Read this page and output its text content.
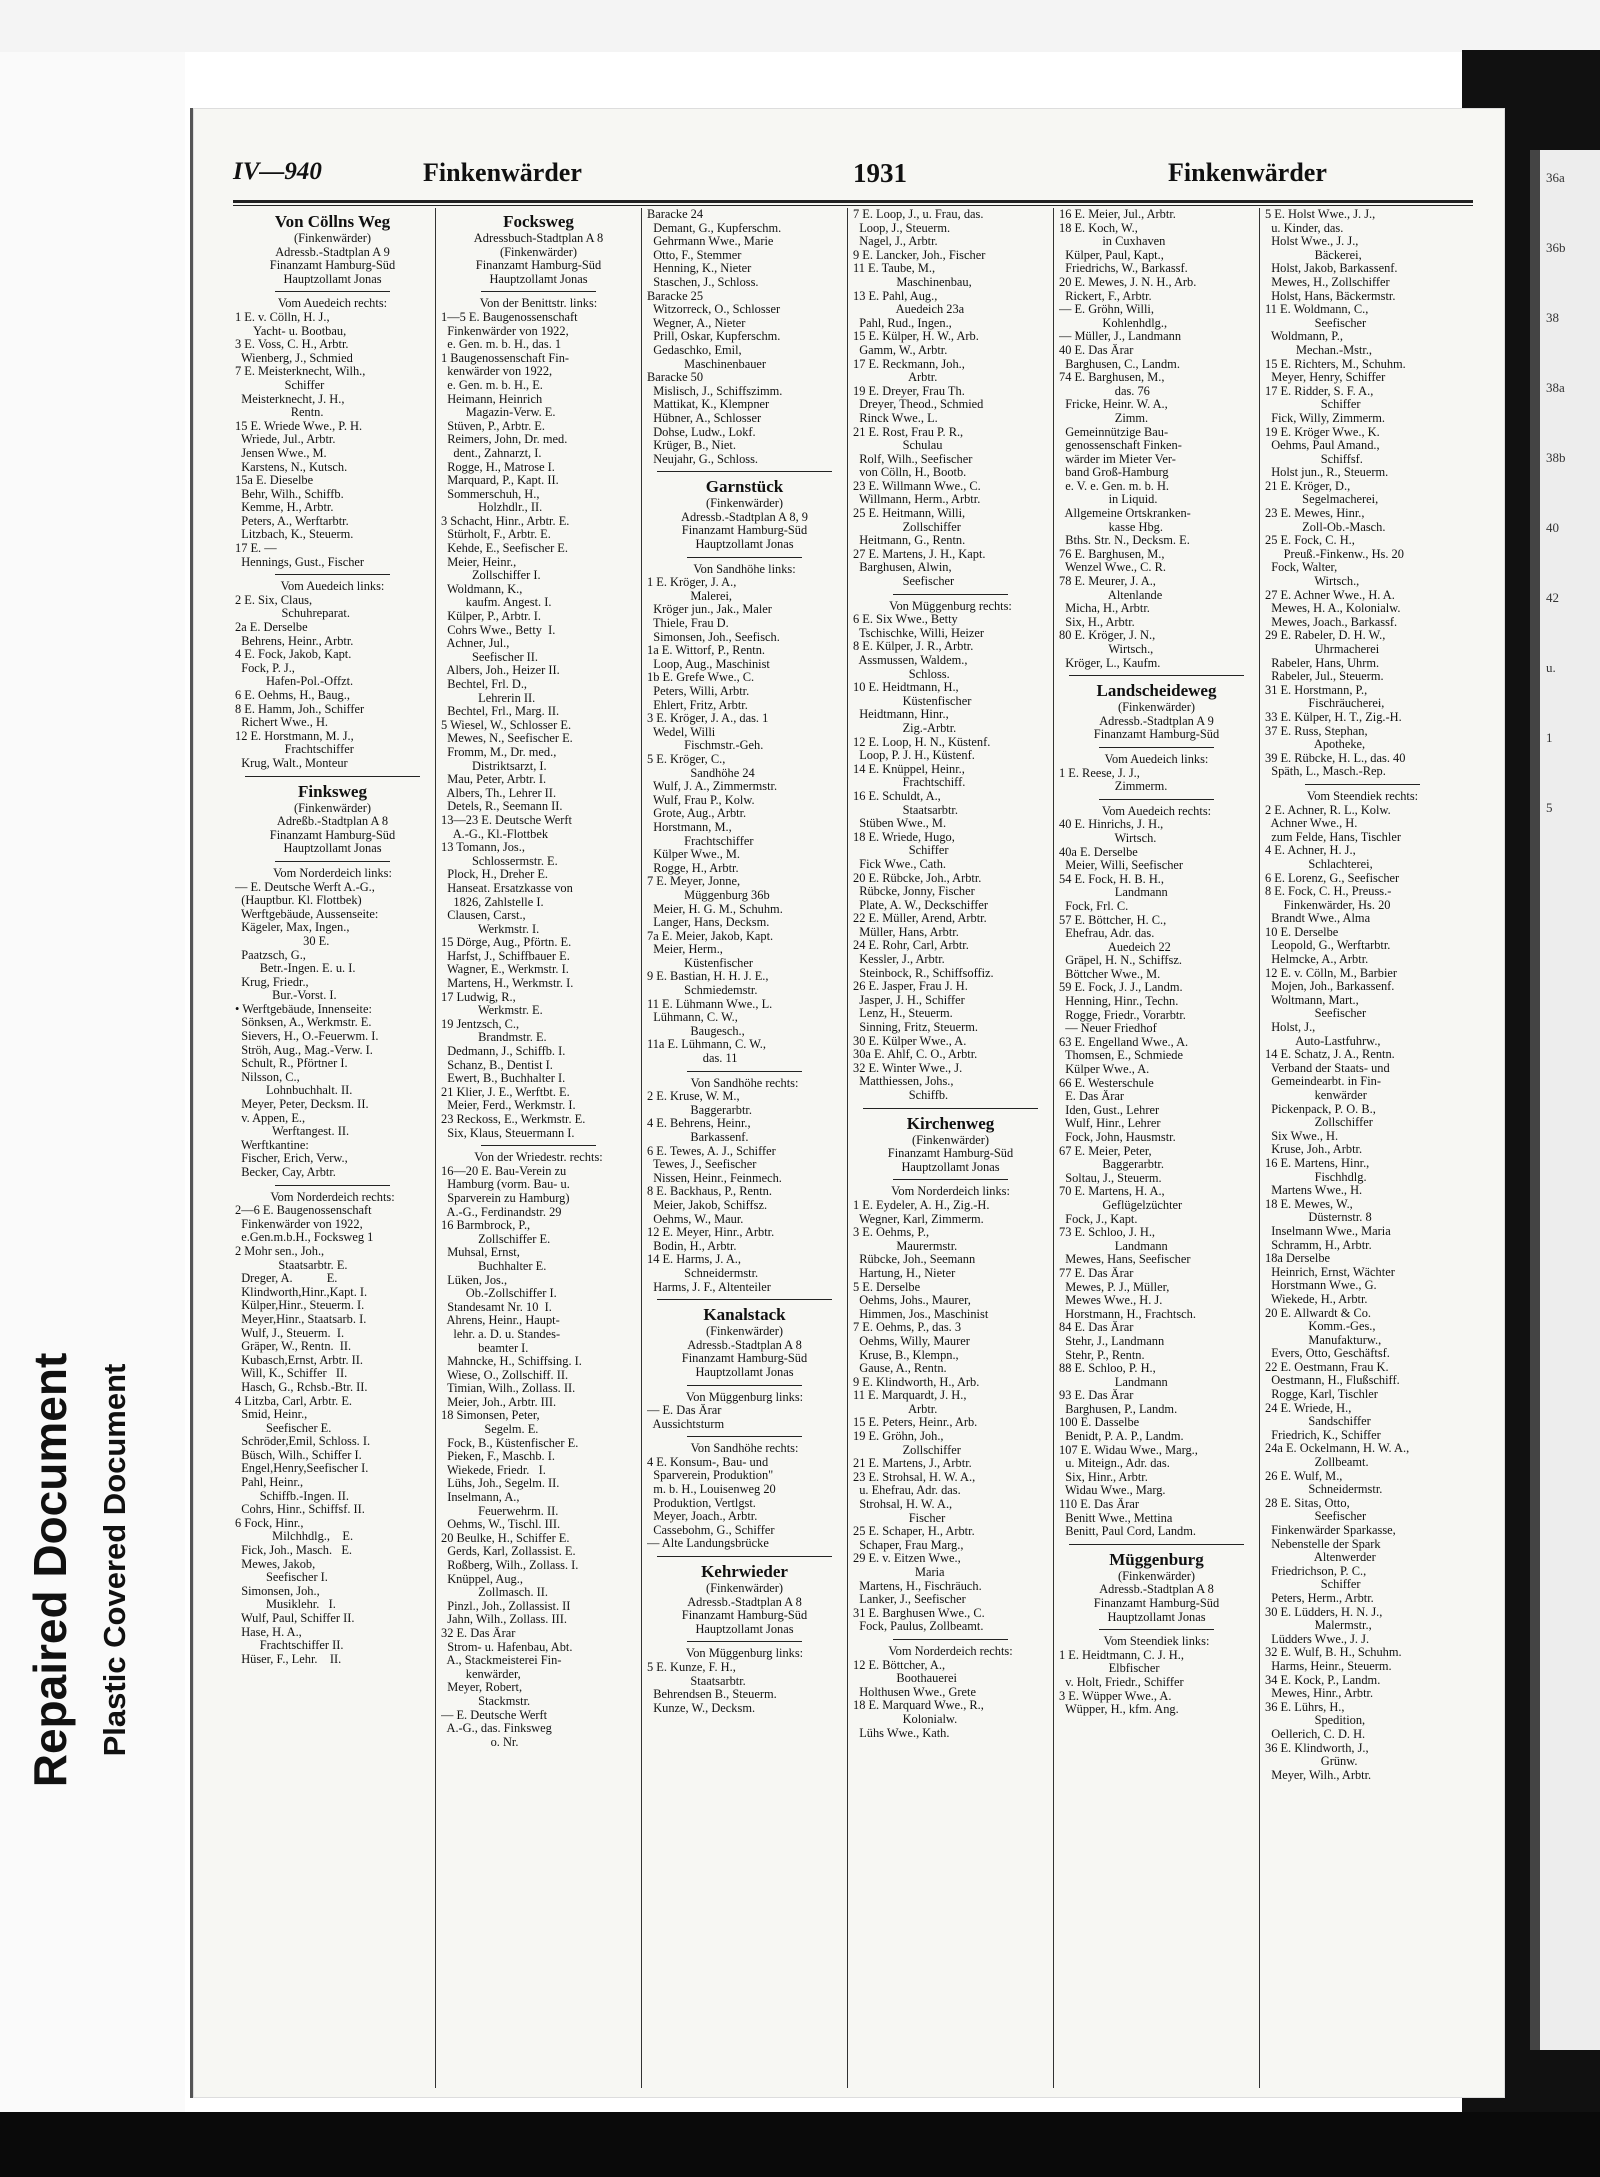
36a
36b
38
38a
38b
40
42
u.
1
5
Repaired Document Plastic Covered Document
IV—940	Finkenwärder	1931	Finkenwärder
Von Cöllns Weg
(Finkenwärder)
Adressb.-Stadtplan A 9
Finanzamt Hamburg-Süd
Hauptzollamt Jonas
Vom Auedeich rechts:
1 E. v. Cölln, H. J.,
Yacht- u. Bootbau,
3 E. Voss, C. H., Arbtr.
Wienberg, J., Schmied
7 E. Meisterknecht, Wilh.,
Schiffer
Meisterknecht, J. H.,
Rentn.
15 E. Wriede Wwe., P. H.
Wriede, Jul., Arbtr.
Jensen Wwe., M.
Karstens, N., Kutsch.
15a E. Dieselbe
Behr, Wilh., Schiffb.
Kemme, H., Arbtr.
Peters, A., Werftarbtr.
Litzbach, K., Steuerm.
17 E. —
Hennings, Gust., Fischer
Vom Auedeich links:
2 E. Six, Claus,
Schuhreparat.
2a E. Derselbe
Behrens, Heinr., Arbtr.
4 E. Fock, Jakob, Kapt.
Fock, P. J.,
Hafen-Pol.-Offzt.
6 E. Oehms, H., Baug.,
8 E. Hamm, Joh., Schiffer
Richert Wwe., H.
12 E. Horstmann, M. J.,
Frachtschiffer
Krug, Walt., Monteur
Finksweg
(Finkenwärder)
Adreßb.-Stadtplan A 8
Finanzamt Hamburg-Süd
Hauptzollamt Jonas
Vom Norderdeich links:
— E. Deutsche Werft A.-G.,
(Hauptbur. Kl. Flottbek)
Werftgebäude, Aussenseite:
Kägeler, Max, Ingen.,
30 E.
Paatzsch, G.,
Betr.-Ingen. E. u. I.
Krug, Friedr.,
Bur.-Vorst. I.
• Werftgebäude, Innenseite:
Sönksen, A., Werkmstr. E.
Sievers, H., O.-Feuerwm. I.
Ströh, Aug., Mag.-Verw. I.
Schult, R., Pförtner I.
Nilsson, C.,
Lohnbuchhalt. II.
Meyer, Peter, Decksm. II.
v. Appen, E.,
Werftangest. II.
Werftkantine:
Fischer, Erich, Verw.,
Becker, Cay, Arbtr.
Vom Norderdeich rechts:
2—6 E. Baugenossenschaft
Finkenwärder von 1922,
e.Gen.m.b.H., Focksweg 1
2 Mohr sen., Joh.,
Staatsarbtr. E.
Dreger, A.           E.
Klindworth,Hinr.,Kapt. I.
Külper,Hinr., Steuerm. I.
Meyer,Hinr., Staatsarb. I.
Wulf, J., Steuerm.  I.
Gräper, W., Rentn.  II.
Kubasch,Ernst, Arbtr. II.
Will, K., Schiffer   II.
Hasch, G., Rchsb.-Btr. II.
4 Litzba, Carl, Arbtr. E.
Smid, Heinr.,
Seefischer E.
Schröder,Emil, Schloss. I.
Büsch, Wilh., Schiffer I.
Engel,Henry,Seefischer I.
Pahl, Heinr.,
Schiffb.-Ingen. II.
Cohrs, Hinr., Schiffsf. II.
6 Fock, Hinr.,
Milchhdlg.,    E.
Fick, Joh., Masch.   E.
Mewes, Jakob,
Seefischer I.
Simonsen, Joh.,
Musiklehr.   I.
Wulf, Paul, Schiffer II.
Hase, H. A.,
Frachtschiffer II.
Hüser, F., Lehr.    II.
Focksweg
Adressbuch-Stadtplan A 8
(Finkenwärder)
Finanzamt Hamburg-Süd
Hauptzollamt Jonas
Von der Benittstr. links:
1—5 E. Baugenossenschaft
Finkenwärder von 1922,
e. Gen. m. b. H., das. 1
1 Baugenossenschaft Fin-
kenwärder von 1922,
e. Gen. m. b. H., E.
Heimann, Heinrich
Magazin-Verw. E.
Stüven, P., Arbtr. E.
Reimers, John, Dr. med.
dent., Zahnarzt, I.
Rogge, H., Matrose I.
Marquard, P., Kapt. II.
Sommerschuh, H.,
Holzhdlr., II.
3 Schacht, Hinr., Arbtr. E.
Stürholt, F., Arbtr. E.
Kehde, E., Seefischer E.
Meier, Heinr.,
Zollschiffer I.
Woldmann, K.,
kaufm. Angest. I.
Külper, P., Arbtr. I.
Cohrs Wwe., Betty  I.
Achner, Jul.,
Seefischer II.
Albers, Joh., Heizer II.
Bechtel, Frl. D.,
Lehrerin II.
Bechtel, Frl., Marg. II.
5 Wiesel, W., Schlosser E.
Mewes, N., Seefischer E.
Fromm, M., Dr. med.,
Distriktsarzt, I.
Mau, Peter, Arbtr. I.
Albers, Th., Lehrer II.
Detels, R., Seemann II.
13—23 E. Deutsche Werft
A.-G., Kl.-Flottbek
13 Tomann, Jos.,
Schlossermstr. E.
Plock, H., Dreher E.
Hanseat. Ersatzkasse von
1826, Zahlstelle I.
Clausen, Carst.,
Werkmstr. I.
15 Dörge, Aug., Pförtn. E.
Harfst, J., Schiffbauer E.
Wagner, E., Werkmstr. I.
Martens, H., Werkmstr. I.
17 Ludwig, R.,
Werkmstr. E.
19 Jentzsch, C.,
Brandmstr. E.
Dedmann, J., Schiffb. I.
Schanz, B., Dentist I.
Ewert, B., Buchhalter I.
21 Klier, J. E., Werftbt. E.
Meier, Ferd., Werkmstr. I.
23 Reckoss, E., Werkmstr. E.
Six, Klaus, Steuermann I.
Von der Wriedestr. rechts:
16—20 E. Bau-Verein zu
Hamburg (vorm. Bau- u.
Sparverein zu Hamburg)
A.-G., Ferdinandstr. 29
16 Barmbrock, P.,
Zollschiffer E.
Muhsal, Ernst,
Buchhalter E.
Lüken, Jos.,
Ob.-Zollschiffer I.
Standesamt Nr. 10  I.
Ahrens, Heinr., Haupt-
lehr. a. D. u. Standes-
beamter I.
Mahncke, H., Schiffsing. I.
Wiese, O., Zollschiff. II.
Timian, Wilh., Zollass. II.
Meier, Joh., Arbtr. III.
18 Simonsen, Peter,
Segelm. E.
Fock, B., Küstenfischer E.
Pieken, F., Maschb. I.
Wiekede, Friedr.   I.
Lühs, Joh., Segelm. II.
Inselmann, A.,
Feuerwehrm. II.
Oehms, W., Tischl. III.
20 Beulke, H., Schiffer E.
Gerds, Karl, Zollassist. E.
Roßberg, Wilh., Zollass. I.
Knüppel, Aug.,
Zollmasch. II.
Pinzl., Joh., Zollassist. II
Jahn, Wilh., Zollass. III.
32 E. Das Ärar
Strom- u. Hafenbau, Abt.
A., Stackmeisterei Fin-
kenwärder,
Meyer, Robert,
Stackmstr.
— E. Deutsche Werft
A.-G., das. Finksweg
o. Nr.
Baracke 24
Demant, G., Kupferschm.
Gehrmann Wwe., Marie
Otto, F., Stemmer
Henning, K., Nieter
Staschen, J., Schloss.
Baracke 25
Witzorreck, O., Schlosser
Wegner, A., Nieter
Prill, Oskar, Kupferschm.
Gedaschko, Emil,
Maschinenbauer
Baracke 50
Mislisch, J., Schiffszimm.
Mattikat, K., Klempner
Hübner, A., Schlosser
Dohse, Ludw., Lokf.
Krüger, B., Niet.
Neujahr, G., Schloss.
Garnstück
(Finkenwärder)
Adressb.-Stadtplan A 8, 9
Finanzamt Hamburg-Süd
Hauptzollamt Jonas
Von Sandhöhe links:
1 E. Kröger, J. A.,
Malerei,
Kröger jun., Jak., Maler
Thiele, Frau D.
Simonsen, Joh., Seefisch.
1a E. Wittorf, P., Rentn.
Loop, Aug., Maschinist
1b E. Grefe Wwe., C.
Peters, Willi, Arbtr.
Ehlert, Fritz, Arbtr.
3 E. Kröger, J. A., das. 1
Wedel, Willi
Fischmstr.-Geh.
5 E. Kröger, C.,
Sandhöhe 24
Wulf, J. A., Zimmermstr.
Wulf, Frau P., Kolw.
Grote, Aug., Arbtr.
Horstmann, M.,
Frachtschiffer
Külper Wwe., M.
Rogge, H., Arbtr.
7 E. Meyer, Jonne,
Müggenburg 36b
Meier, H. G. M., Schuhm.
Langer, Hans, Decksm.
7a E. Meier, Jakob, Kapt.
Meier, Herm.,
Küstenfischer
9 E. Bastian, H. H. J. E.,
Schmiedemstr.
11 E. Lühmann Wwe., L.
Lühmann, C. W.,
Baugesch.,
11a E. Lühmann, C. W.,
das. 11
Von Sandhöhe rechts:
2 E. Kruse, W. M.,
Baggerarbtr.
4 E. Behrens, Heinr.,
Barkassenf.
6 E. Tewes, A. J., Schiffer
Tewes, J., Seefischer
Nissen, Heinr., Feinmech.
8 E. Backhaus, P., Rentn.
Meier, Jakob, Schiffsz.
Oehms, W., Maur.
12 E. Meyer, Hinr., Arbtr.
Bodin, H., Arbtr.
14 E. Harms, J. A.,
Schneidermstr.
Harms, J. F., Altenteiler
Kanalstack
(Finkenwärder)
Adressb.-Stadtplan A 8
Finanzamt Hamburg-Süd
Hauptzollamt Jonas
Von Müggenburg links:
— E. Das Ärar
Aussichtsturm
Von Sandhöhe rechts:
4 E. Konsum-, Bau- und
Sparverein, Produktion"
m. b. H., Louisenweg 20
Produktion, Vertlgst.
Meyer, Joach., Arbtr.
Cassebohm, G., Schiffer
— Alte Landungsbrücke
Kehrwieder
(Finkenwärder)
Adressb.-Stadtplan A 8
Finanzamt Hamburg-Süd
Hauptzollamt Jonas
Von Müggenburg links:
5 E. Kunze, F. H.,
Staatsarbtr.
Behrendsen B., Steuerm.
Kunze, W., Decksm.
7 E. Loop, J., u. Frau, das.
Loop, J., Steuerm.
Nagel, J., Arbtr.
9 E. Lancker, Joh., Fischer
11 E. Taube, M.,
Maschinenbau,
13 E. Pahl, Aug.,
Auedeich 23a
Pahl, Rud., Ingen.,
15 E. Külper, H. W., Arb.
Gamm, W., Arbtr.
17 E. Reckmann, Joh.,
Arbtr.
19 E. Dreyer, Frau Th.
Dreyer, Theod., Schmied
Rinck Wwe., L.
21 E. Rost, Frau P. R.,
Schulau
Rolf, Wilh., Seefischer
von Cölln, H., Bootb.
23 E. Willmann Wwe., C.
Willmann, Herm., Arbtr.
25 E. Heitmann, Willi,
Zollschiffer
Heitmann, G., Rentn.
27 E. Martens, J. H., Kapt.
Barghusen, Alwin,
Seefischer
Von Müggenburg rechts:
6 E. Six Wwe., Betty
Tschischke, Willi, Heizer
8 E. Külper, J. R., Arbtr.
Assmussen, Waldem.,
Schloss.
10 E. Heidtmann, H.,
Küstenfischer
Heidtmann, Hinr.,
Zig.-Arbtr.
12 E. Loop, H. N., Küstenf.
Loop, P. J. H., Küstenf.
14 E. Knüppel, Heinr.,
Frachtschiff.
16 E. Schuldt, A.,
Staatsarbtr.
Stüben Wwe., M.
18 E. Wriede, Hugo,
Schiffer
Fick Wwe., Cath.
20 E. Rübcke, Joh., Arbtr.
Rübcke, Jonny, Fischer
Plate, A. W., Deckschiffer
22 E. Müller, Arend, Arbtr.
Müller, Hans, Arbtr.
24 E. Rohr, Carl, Arbtr.
Kessler, J., Arbtr.
Steinbock, R., Schiffsoffiz.
26 E. Jasper, Frau J. H.
Jasper, J. H., Schiffer
Lenz, H., Steuerm.
Sinning, Fritz, Steuerm.
30 E. Külper Wwe., A.
30a E. Ahlf, C. O., Arbtr.
32 E. Winter Wwe., J.
Matthiessen, Johs.,
Schiffb.
Kirchenweg
(Finkenwärder)
Finanzamt Hamburg-Süd
Hauptzollamt Jonas
Vom Norderdeich links:
1 E. Eydeler, A. H., Zig.-H.
Wegner, Karl, Zimmerm.
3 E. Oehms, P.,
Maurermstr.
Rübcke, Joh., Seemann
Hartung, H., Nieter
5 E. Derselbe
Oehms, Johs., Maurer,
Himmen, Jos., Maschinist
7 E. Oehms, P., das. 3
Oehms, Willy, Maurer
Kruse, B., Klempn.,
Gause, A., Rentn.
9 E. Klindworth, H., Arb.
11 E. Marquardt, J. H.,
Arbtr.
15 E. Peters, Heinr., Arb.
19 E. Gröhn, Joh.,
Zollschiffer
21 E. Martens, J., Arbtr.
23 E. Strohsal, H. W. A.,
u. Ehefrau, Adr. das.
Strohsal, H. W. A.,
Fischer
25 E. Schaper, H., Arbtr.
Schaper, Frau Marg.,
29 E. v. Eitzen Wwe.,
Maria
Martens, H., Fischräuch.
Lanker, J., Seefischer
31 E. Barghusen Wwe., C.
Fock, Paulus, Zollbeamt.
Vom Norderdeich rechts:
12 E. Böttcher, A.,
Boothauerei
Holthusen Wwe., Grete
18 E. Marquard Wwe., R.,
Kolonialw.
Lühs Wwe., Kath.
16 E. Meier, Jul., Arbtr.
18 E. Koch, W.,
in Cuxhaven
Külper, Paul, Kapt.,
Friedrichs, W., Barkassf.
20 E. Mewes, J. N. H., Arb.
Rickert, F., Arbtr.
— E. Gröhn, Willi,
Kohlenhdlg.,
— Müller, J., Landmann
40 E. Das Ärar
Barghusen, C., Landm.
74 E. Barghusen, M.,
das. 76
Fricke, Heinr. W. A.,
Zimm.
Gemeinnützige Bau-
genossenschaft Finken-
wärder im Mieter Ver-
band Groß-Hamburg
e. V. e. Gen. m. b. H.
in Liquid.
Allgemeine Ortskranken-
kasse Hbg.
Bths. Str. N., Decksm. E.
76 E. Barghusen, M.,
Wenzel Wwe., C. R.
78 E. Meurer, J. A.,
Altenlande
Micha, H., Arbtr.
Six, H., Arbtr.
80 E. Kröger, J. N.,
Wirtsch.,
Kröger, L., Kaufm.
Landscheideweg
(Finkenwärder)
Adressb.-Stadtplan A 9
Finanzamt Hamburg-Süd
Vom Auedeich links:
1 E. Reese, J. J.,
Zimmerm.
Vom Auedeich rechts:
40 E. Hinrichs, J. H.,
Wirtsch.
40a E. Derselbe
Meier, Willi, Seefischer
54 E. Fock, H. B. H.,
Landmann
Fock, Frl. C.
57 E. Böttcher, H. C.,
Ehefrau, Adr. das.
Auedeich 22
Gräpel, H. N., Schiffsz.
Böttcher Wwe., M.
59 E. Fock, J. J., Landm.
Henning, Hinr., Techn.
Rogge, Friedr., Vorarbtr.
— Neuer Friedhof
63 E. Engelland Wwe., A.
Thomsen, E., Schmiede
Külper Wwe., A.
66 E. Westerschule
E. Das Ärar
Iden, Gust., Lehrer
Wulf, Hinr., Lehrer
Fock, John, Hausmstr.
67 E. Meier, Peter,
Baggerarbtr.
Soltau, J., Steuerm.
70 E. Martens, H. A.,
Geflügelzüchter
Fock, J., Kapt.
73 E. Schloo, J. H.,
Landmann
Mewes, Hans, Seefischer
77 E. Das Ärar
Mewes, P. J., Müller,
Mewes Wwe., H. J.
Horstmann, H., Frachtsch.
84 E. Das Ärar
Stehr, J., Landmann
Stehr, P., Rentn.
88 E. Schloo, P. H.,
Landmann
93 E. Das Ärar
Barghusen, P., Landm.
100 E. Dasselbe
Benidt, P. A. P., Landm.
107 E. Widau Wwe., Marg.,
u. Miteign., Adr. das.
Six, Hinr., Arbtr.
Widau Wwe., Marg.
110 E. Das Ärar
Benitt Wwe., Mettina
Benitt, Paul Cord, Landm.
Müggenburg
(Finkenwärder)
Adressb.-Stadtplan A 8
Finanzamt Hamburg-Süd
Hauptzollamt Jonas
Vom Steendiek links:
1 E. Heidtmann, C. J. H.,
Elbfischer
v. Holt, Friedr., Schiffer
3 E. Wüpper Wwe., A.
Wüpper, H., kfm. Ang.
5 E. Holst Wwe., J. J.,
u. Kinder, das.
Holst Wwe., J. J.,
Bäckerei,
Holst, Jakob, Barkassenf.
Mewes, H., Zollschiffer
Holst, Hans, Bäckermstr.
11 E. Woldmann, C.,
Seefischer
Woldmann, P.,
Mechan.-Mstr.,
15 E. Richters, M., Schuhm.
Meyer, Henry, Schiffer
17 E. Ridder, S. F. A.,
Schiffer
Fick, Willy, Zimmerm.
19 E. Kröger Wwe., K.
Oehms, Paul Amand.,
Schiffsf.
Holst jun., R., Steuerm.
21 E. Kröger, D.,
Segelmacherei,
23 E. Mewes, Hinr.,
Zoll-Ob.-Masch.
25 E. Fock, C. H.,
Preuß.-Finkenw., Hs. 20
Fock, Walter,
Wirtsch.,
27 E. Achner Wwe., H. A.
Mewes, H. A., Kolonialw.
Mewes, Joach., Barkassf.
29 E. Rabeler, D. H. W.,
Uhrmacherei
Rabeler, Hans, Uhrm.
Rabeler, Jul., Steuerm.
31 E. Horstmann, P.,
Fischräucherei,
33 E. Külper, H. T., Zig.-H.
37 E. Russ, Stephan,
Apotheke,
39 E. Rübcke, H. L., das. 40
Späth, L., Masch.-Rep.
Vom Steendiek rechts:
2 E. Achner, R. L., Kolw.
Achner Wwe., H.
zum Felde, Hans, Tischler
4 E. Achner, H. J.,
Schlachterei,
6 E. Lorenz, G., Seefischer
8 E. Fock, C. H., Preuss.-
Finkenwärder, Hs. 20
Brandt Wwe., Alma
10 E. Derselbe
Leopold, G., Werftarbtr.
Helmcke, A., Arbtr.
12 E. v. Cölln, M., Barbier
Mojen, Joh., Barkassenf.
Woltmann, Mart.,
Seefischer
Holst, J.,
Auto-Lastfuhrw.,
14 E. Schatz, J. A., Rentn.
Verband der Staats- und
Gemeindearbt. in Fin-
kenwärder
Pickenpack, P. O. B.,
Zollschiffer
Six Wwe., H.
Kruse, Joh., Arbtr.
16 E. Martens, Hinr.,
Fischhdlg.
Martens Wwe., H.
18 E. Mewes, W.,
Düsternstr. 8
Inselmann Wwe., Maria
Schramm, H., Arbtr.
18a Derselbe
Heinrich, Ernst, Wächter
Horstmann Wwe., G.
Wiekede, H., Arbtr.
20 E. Allwardt & Co.
Komm.-Ges.,
Manufakturw.,
Evers, Otto, Geschäftsf.
22 E. Oestmann, Frau K.
Oestmann, H., Flußschiff.
Rogge, Karl, Tischler
24 E. Wriede, H.,
Sandschiffer
Friedrich, K., Schiffer
24a E. Ockelmann, H. W. A.,
Zollbeamt.
26 E. Wulf, M.,
Schneidermstr.
28 E. Sitas, Otto,
Seefischer
Finkenwärder Sparkasse,
Nebenstelle der Spark
Altenwerder
Friedrichson, P. C.,
Schiffer
Peters, Herm., Arbtr.
30 E. Lüdders, H. N. J.,
Malermstr.,
Lüdders Wwe., J. J.
32 E. Wulf, B. H., Schuhm.
Harms, Heinr., Steuerm.
34 E. Kock, P., Landm.
Mewes, Hinr., Arbtr.
36 E. Lührs, H.,
Spedition,
Oellerich, C. D. H.
36 E. Klindworth, J.,
Grünw.
Meyer, Wilh., Arbtr.
